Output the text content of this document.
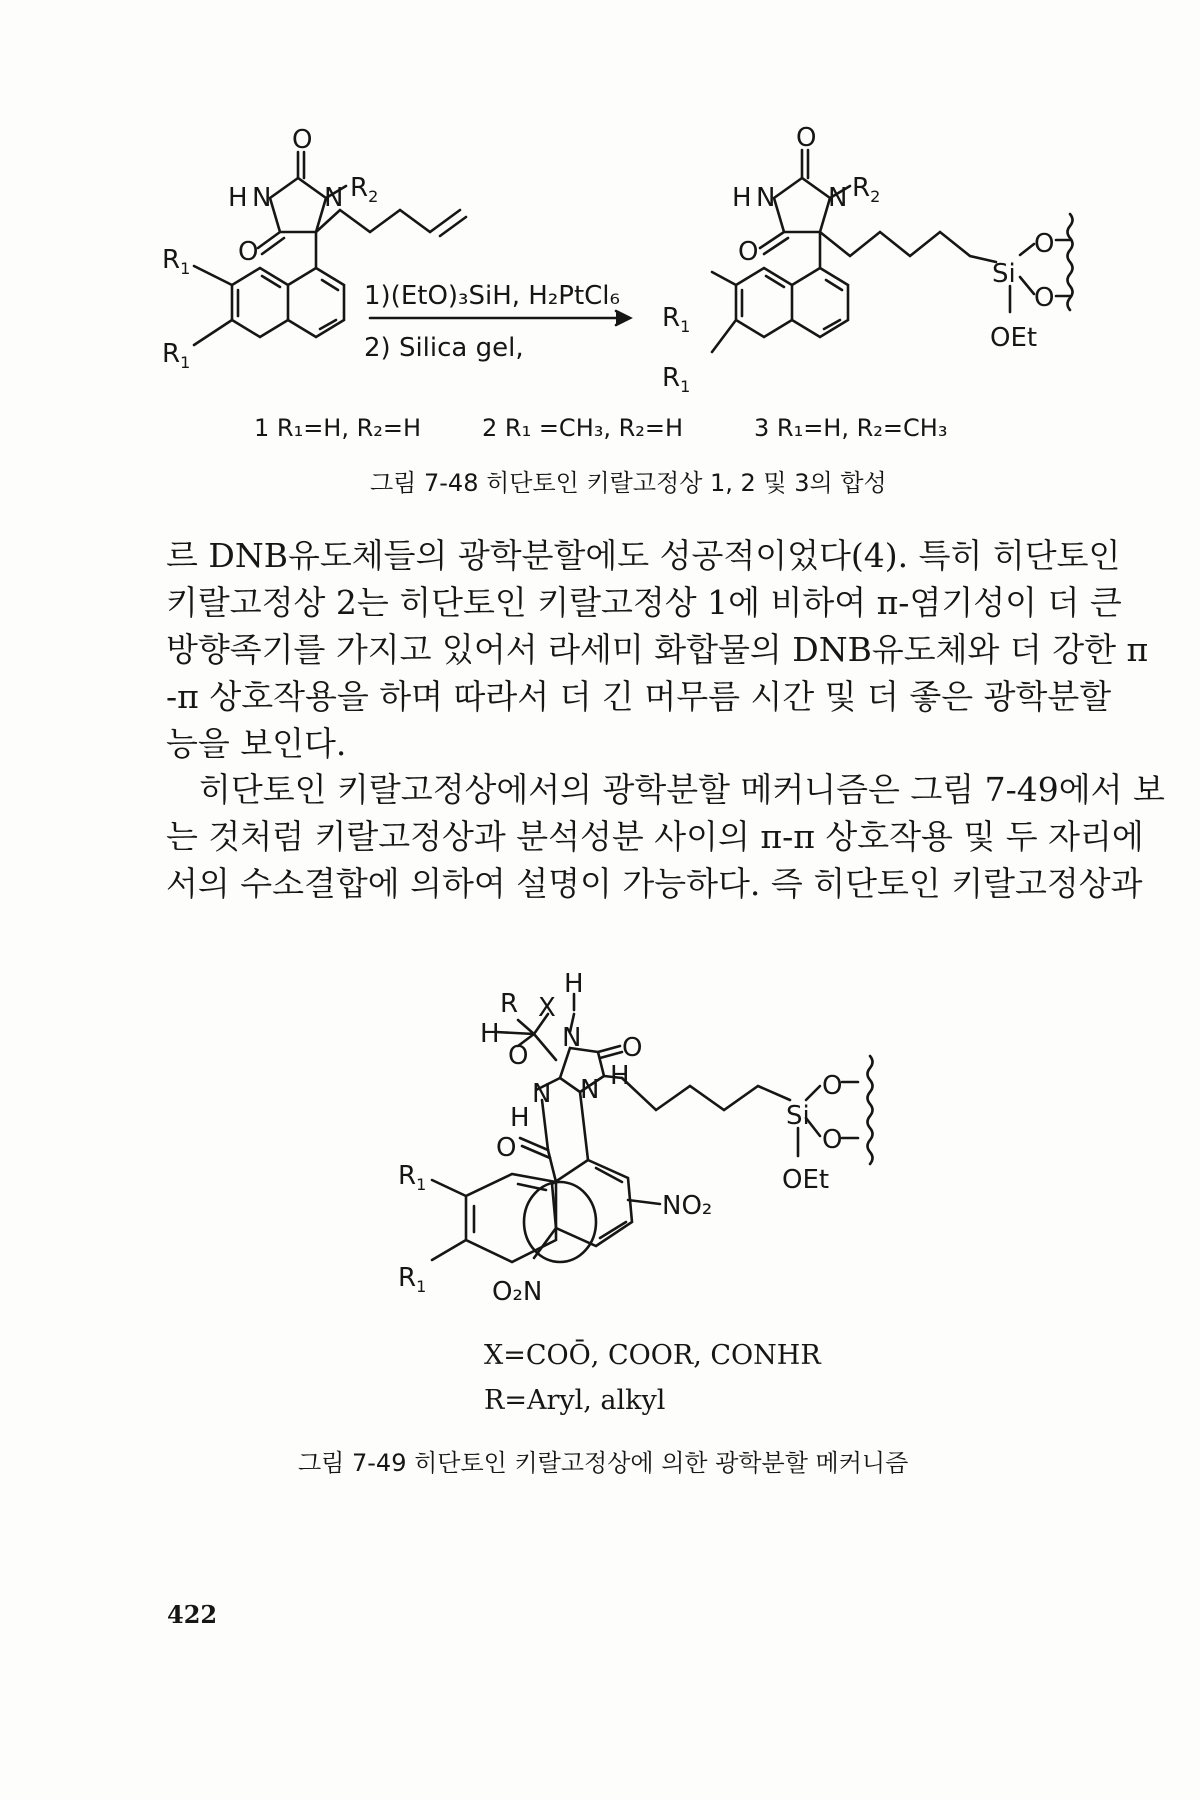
O
H N N $R_2$
O
$R_1$
$R_1$
1)(EtO)₃SiH, H₂PtCl₆
2) Silica gel,
O
H N N $R_2$
O
$R_1$
$R_1$
Si
O
O
OEt
1 R₁=H, R₂=H	2 R₁ =CH₃, R₂=H	3 R₁=H, R₂=CH₃
그림 7-48 히단토인 키랄고정상 1, 2 및 3의 합성
르 DNB유도체들의 광학분할에도 성공적이었다(4). 특히 히단토인
키랄고정상 2는 히단토인 키랄고정상 1에 비하여 π-염기성이 더 큰
방향족기를 가지고 있어서 라세미 화합물의 DNB유도체와 더 강한 π
-π 상호작용을 하며 따라서 더 긴 머무름 시간 및 더 좋은 광학분할
능을 보인다.
　히단토인 키랄고정상에서의 광학분할 메커니즘은 그림 7-49에서 보
는 것처럼 키랄고정상과 분석성분 사이의 π-π 상호작용 및 두 자리에
서의 수소결합에 의하여 설명이 가능하다. 즉 히단토인 키랄고정상과
R X
H
N
H
O	O
N N H
H
O
Si
O
O
OEt
$R_1$
$R_1$
NO₂
O₂N
X=COŌ, COOR, CONHR
R=Aryl, alkyl
그림 7-49 히단토인 키랄고정상에 의한 광학분할 메커니즘
422
